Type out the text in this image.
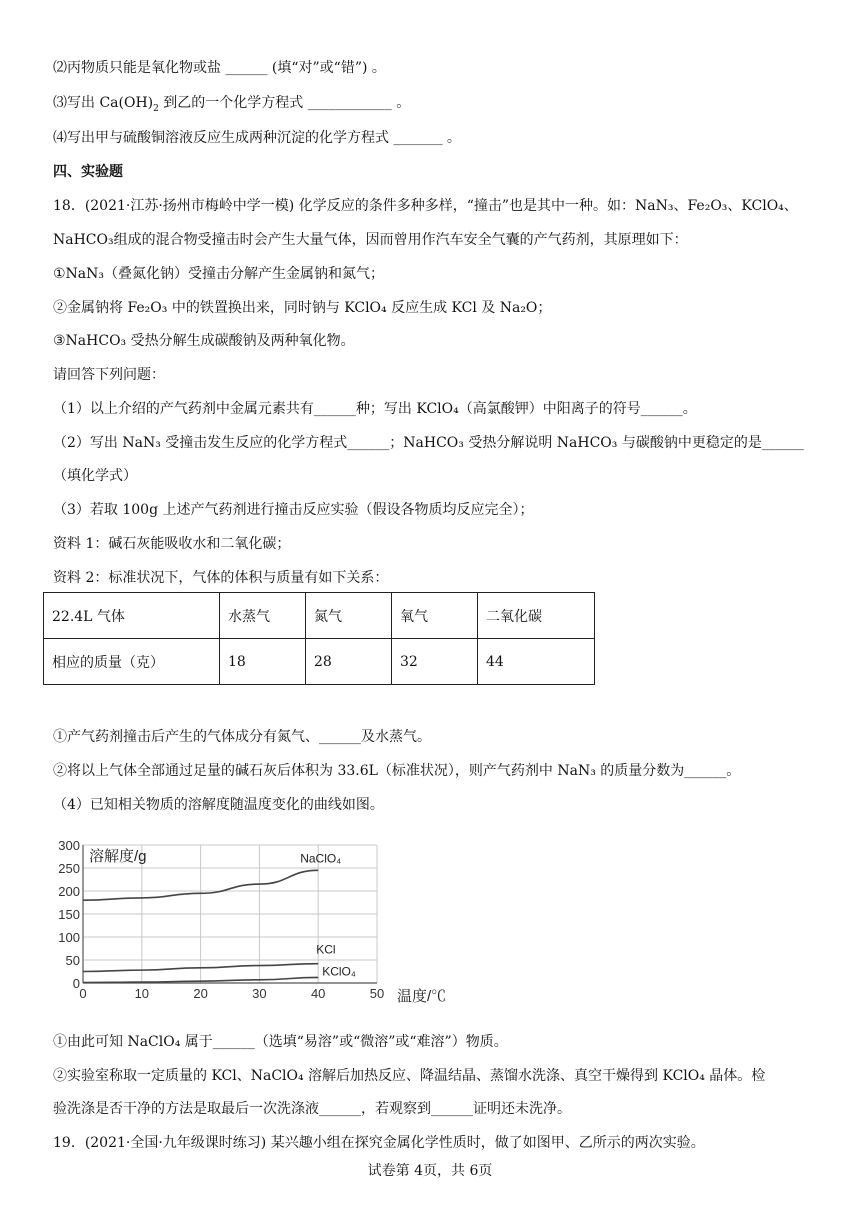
⑵丙物质只能是氧化物或盐 ______ (填“对”或“错”) 。
⑶写出 $Ca(OH)_2$ 到乙的一个化学方程式 ____________ 。
⑷写出甲与硫酸铜溶液反应生成两种沉淀的化学方程式 _______ 。
四、实验题
18．(2021·江苏·扬州市梅岭中学一模) 化学反应的条件多种多样，“撞击”也是其中一种。如：NaN₃、Fe₂O₃、KClO₄、
NaHCO₃组成的混合物受撞击时会产生大量气体，因而曾用作汽车安全气囊的产气药剂，其原理如下：
①NaN₃（叠氮化钠）受撞击分解产生金属钠和氮气；
②金属钠将 Fe₂O₃ 中的铁置换出来，同时钠与 KClO₄ 反应生成 KCl 及 Na₂O；
③NaHCO₃ 受热分解生成碳酸钠及两种氧化物。
请回答下列问题：
（1）以上介绍的产气药剂中金属元素共有______种；写出 KClO₄（高氯酸钾）中阳离子的符号______。
（2）写出 NaN₃ 受撞击发生反应的化学方程式______；NaHCO₃ 受热分解说明 NaHCO₃ 与碳酸钠中更稳定的是______
（填化学式）
（3）若取 100g 上述产气药剂进行撞击反应实验（假设各物质均反应完全）；
资料 1：碱石灰能吸收水和二氧化碳；
资料 2：标准状况下，气体的体积与质量有如下关系：
22.4L 气体	水蒸气	氮气	氧气	二氧化碳
相应的质量（克）	18	28	32	44
①产气药剂撞击后产生的气体成分有氮气、______及水蒸气。
②将以上气体全部通过足量的碱石灰后体积为 33.6L（标准状况），则产气药剂中 NaN₃ 的质量分数为______。
（4）已知相关物质的溶解度随温度变化的曲线如图。
0	10	20	30	40	50
0
50
100
150
200
250
300
溶解度/g
温度/℃
NaClO₄
KCl
KClO₄
①由此可知 NaClO₄ 属于______（选填“易溶”或“微溶”或“难溶”）物质。
②实验室称取一定质量的 KCl、NaClO₄ 溶解后加热反应、降温结晶、蒸馏水洗涤、真空干燥得到 KClO₄ 晶体。检
验洗涤是否干净的方法是取最后一次洗涤液______，若观察到______证明还未洗净。
19．(2021·全国·九年级课时练习) 某兴趣小组在探究金属化学性质时，做了如图甲、乙所示的两次实验。
试卷第 4页，共 6页
